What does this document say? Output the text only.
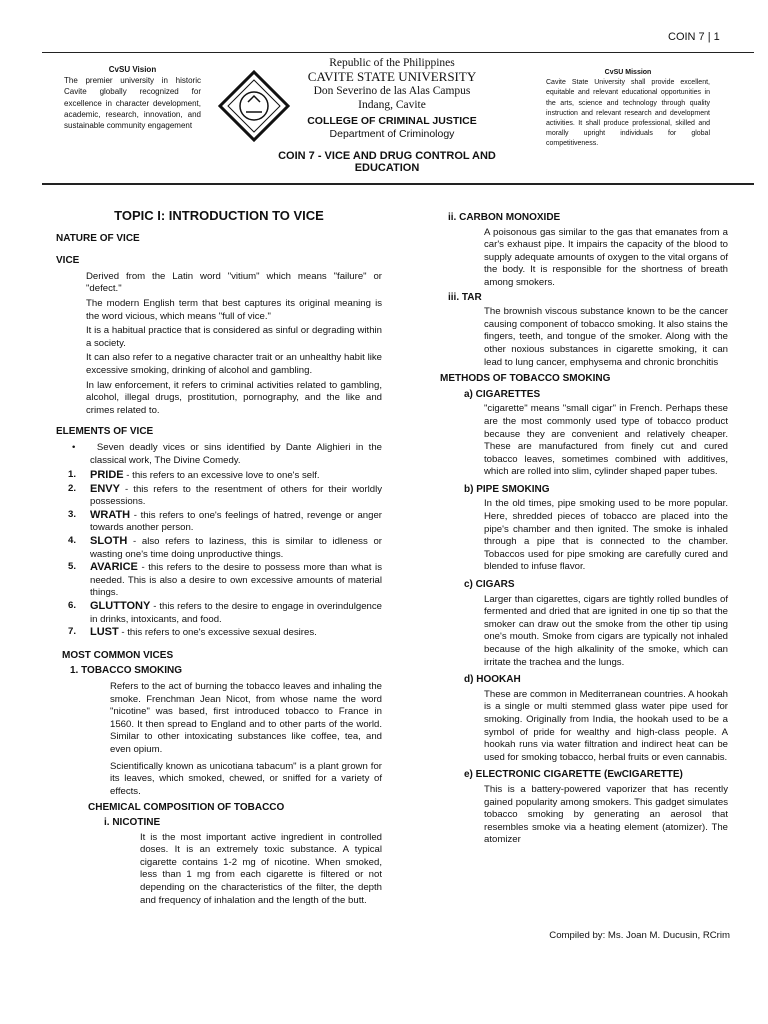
COIN 7 | 1
CvSU Vision
The premier university in historic Cavite globally recognized for excellence in character development, academic, research, innovation, and sustainable community engagement
Republic of the Philippines
CAVITE STATE UNIVERSITY
Don Severino de las Alas Campus
Indang, Cavite
COLLEGE OF CRIMINAL JUSTICE
Department of Criminology
COIN 7 - VICE AND DRUG CONTROL AND EDUCATION
CvSU Mission
Cavite State University shall provide excellent, equitable and relevant educational opportunities in the arts, science and technology through quality instruction and relevant research and development activities. It shall produce professional, skilled and morally upright individuals for global competitiveness.
TOPIC I: INTRODUCTION TO VICE
NATURE OF VICE
VICE
Derived from the Latin word "vitium" which means "failure" or "defect."
The modern English term that best captures its original meaning is the word vicious, which means "full of vice."
It is a habitual practice that is considered as sinful or degrading within a society.
It can also refer to a negative character trait or an unhealthy habit like excessive smoking, drinking of alcohol and gambling.
In law enforcement, it refers to criminal activities related to gambling, alcohol, illegal drugs, prostitution, pornography, and the like and crimes related to.
ELEMENTS OF VICE
•    Seven deadly vices or sins identified by Dante Alighieri in the classical work, The Divine Comedy.
1.	PRIDE - this refers to an excessive love to one's self.
2.	ENVY - this refers to the resentment of others for their worldly possessions.
3.	WRATH - this refers to one's feelings of hatred, revenge or anger towards another person.
4.	SLOTH - also refers to laziness, this is similar to idleness or wasting one's time doing unproductive things.
5.	AVARICE - this refers to the desire to possess more than what is needed. This is also a desire to own excessive amounts of material things.
6.	GLUTTONY - this refers to the desire to engage in overindulgence in drinks, intoxicants, and food.
7.	LUST - this refers to one's excessive sexual desires.
MOST COMMON VICES
1. TOBACCO SMOKING
Refers to the act of burning the tobacco leaves and inhaling the smoke. Frenchman Jean Nicot, from whose name the word "nicotine" was based, first introduced tobacco to France in 1560. It then spread to England and to other parts of the world. Similar to other intoxicating substances like coffee, tea, and even opium.
Scientifically known as unicotiana tabacum" is a plant grown for its leaves, which smoked, chewed, or sniffed for a variety of effects.
CHEMICAL COMPOSITION OF TOBACCO
i. NICOTINE
It is the most important active ingredient in controlled doses. It is an extremely toxic substance. A typical cigarette contains 1-2 mg of nicotine. When smoked, less than 1 mg from each cigarette is filtered or not depending on the characteristics of the filter, the depth and frequency of inhalation and the length of the butt.
ii. CARBON MONOXIDE
A poisonous gas similar to the gas that emanates from a car's exhaust pipe. It impairs the capacity of the blood to supply adequate amounts of oxygen to the vital organs of the body. It is responsible for the shortness of breath among smokers.
iii. TAR
The brownish viscous substance known to be the cancer causing component of tobacco smoking. It also stains the fingers, teeth, and tongue of the smoker. Along with the other noxious substances in cigarette smoking, it can lead to lung cancer, emphysema and chronic bronchitis
METHODS OF TOBACCO SMOKING
a) CIGARETTES
"cigarette" means "small cigar" in French. Perhaps these are the most commonly used type of tobacco product because they are convenient and relatively cheaper. These are manufactured from finely cut and cured tobacco leaves, sometimes combined with additives, which are rolled into slim, cylinder shaped paper tubes.
b) PIPE SMOKING
In the old times, pipe smoking used to be more popular. Here, shredded pieces of tobacco are placed into the pipe's chamber and then ignited. The smoke is inhaled through a pipe that is connected to the chamber. Tobaccos used for pipe smoking are carefully cured and blended to infuse flavor.
c) CIGARS
Larger than cigarettes, cigars are tightly rolled bundles of fermented and dried that are ignited in one tip so that the smoker can draw out the smoke from the other tip using one's mouth. Smoke from cigars are typically not inhaled because of the high alkalinity of the smoke, which can irritate the trachea and the lungs.
d) HOOKAH
These are common in Mediterranean countries. A hookah is a single or multi stemmed glass water pipe used for smoking. Originally from India, the hookah used to be a symbol of pride for wealthy and high-class people. A hookah runs via water filtration and indirect heat can be used for smoking tobacco, herbal fruits or even cannabis.
e) ELECTRONIC CIGARETTE (EwCIGARETTE)
This is a battery-powered vaporizer that has recently gained popularity among smokers. This gadget simulates tobacco smoking by generating an aerosol that resembles smoke via a heating element (atomizer). The atomizer
Compiled by: Ms. Joan M. Ducusin, RCrim
